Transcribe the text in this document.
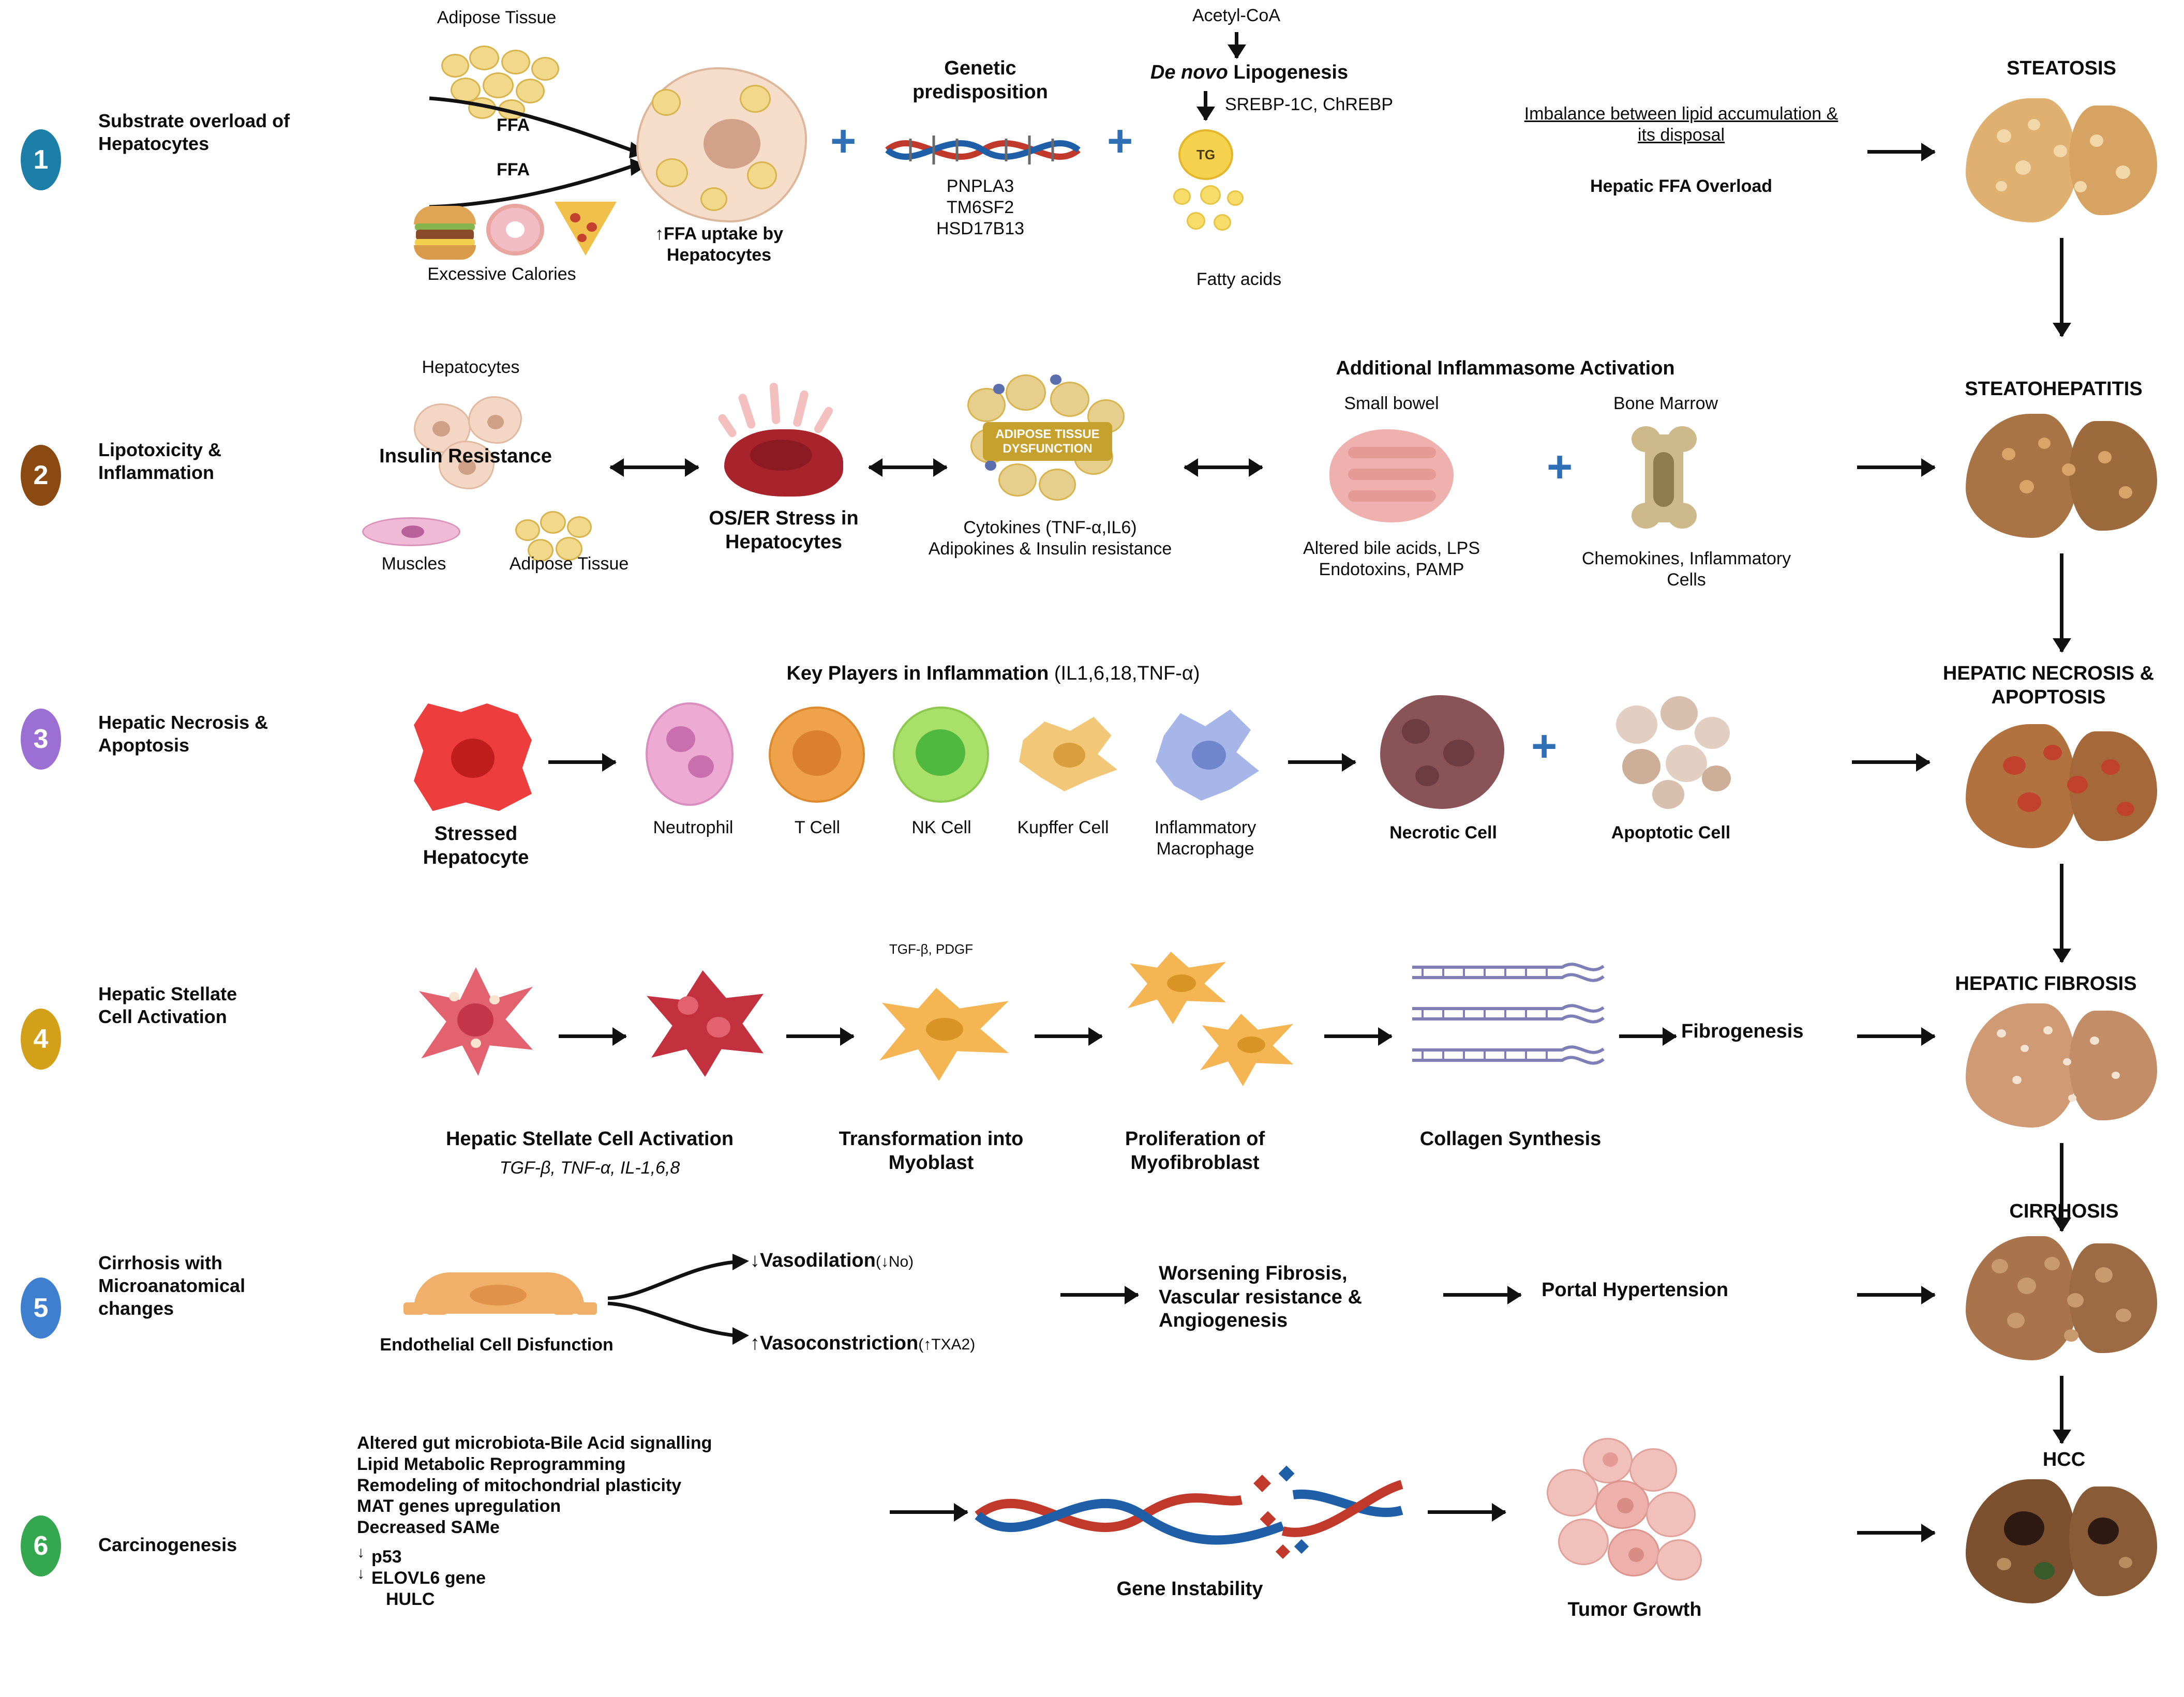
1
Substrate overload of Hepatocytes
Adipose Tissue
FFA
FFA
Excessive Calories
↑FFA uptake by Hepatocytes
+
Genetic predisposition
PNPLA3
TM6SF2
HSD17B13
+
Acetyl-CoA
De novo Lipogenesis
SREBP-1C, ChREBP
TG
Fatty acids
Imbalance between lipid accumulation & its disposal
Hepatic FFA Overload
STEATOSIS
2
Lipotoxicity & Inflammation
Hepatocytes
Insulin Resistance
Muscles	Adipose Tissue
OS/ER Stress in Hepatocytes
ADIPOSE TISSUE DYSFUNCTION
Cytokines (TNF-α,IL6) Adipokines & Insulin resistance
Additional Inflammasome Activation
Small bowel
Altered bile acids, LPS Endotoxins, PAMP
+
Bone Marrow
Chemokines, Inflammatory Cells
STEATOHEPATITIS
3
Hepatic Necrosis & Apoptosis
Key Players in Inflammation (IL1,6,18,TNF-α)
Stressed Hepatocyte
Neutrophil	T Cell	NK Cell	Kupffer Cell	Inflammatory Macrophage
Necrotic Cell
+
Apoptotic Cell
HEPATIC NECROSIS & APOPTOSIS
4
Hepatic Stellate Cell Activation
TGF-β, PDGF
Fibrogenesis
Hepatic Stellate Cell Activation
TGF-β, TNF-α, IL-1,6,8
Transformation into Myoblast
Proliferation of Myofibroblast
Collagen Synthesis
HEPATIC FIBROSIS
5
Cirrhosis with Microanatomical changes
Endothelial Cell Disfunction
↓Vasodilation(↓No)
↑Vasoconstriction(↑TXA2)
Worsening Fibrosis, Vascular resistance & Angiogenesis
Portal Hypertension
CIRRHOSIS
HCC
6	Carcinogenesis
Altered gut microbiota-Bile Acid signalling
Lipid Metabolic Reprogramming
Remodeling of mitochondrial plasticity
MAT genes upregulation
Decreased SAMe
↓ p53
↓ ELOVL6 gene
HULC	Gene Instability
Tumor Growth
